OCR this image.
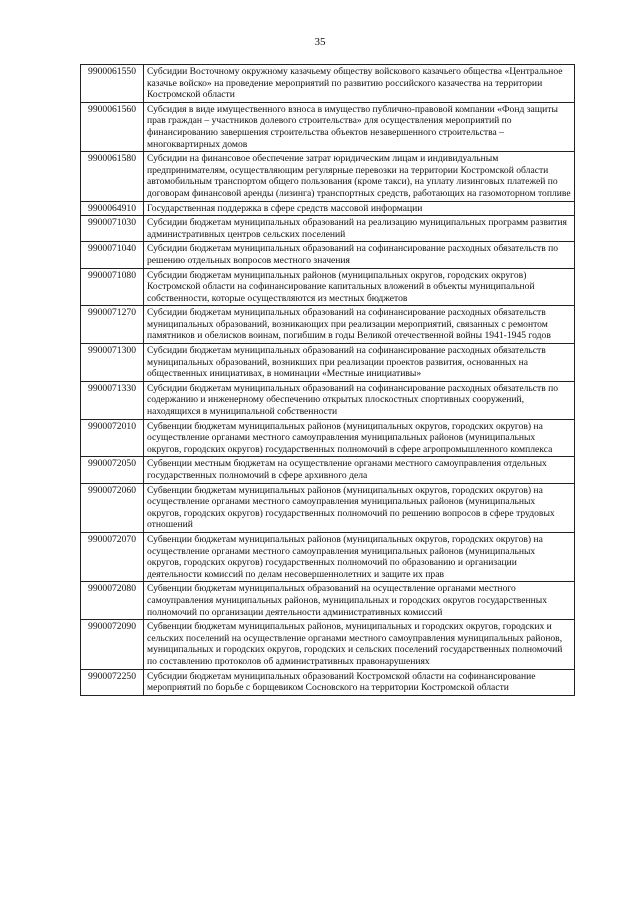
35
9900061550	Субсидии Восточному окружному казачьему обществу войскового казачьего общества «Центральное казачье войско» на проведение мероприятий по развитию российского казачества на территории Костромской области
9900061560	Субсидия в виде имущественного взноса в имущество публично-правовой компании «Фонд защиты прав граждан – участников долевого строительства» для осуществления мероприятий по финансированию завершения строительства объектов незавершенного строительства – многоквартирных домов
9900061580	Субсидии на финансовое обеспечение затрат юридическим лицам и индивидуальным предпринимателям, осуществляющим регулярные перевозки на территории Костромской области автомобильным транспортом общего пользования (кроме такси), на уплату лизинговых платежей по договорам финансовой аренды (лизинга) транспортных средств, работающих на газомоторном топливе
9900064910	Государственная поддержка в сфере средств массовой информации
9900071030	Субсидии бюджетам муниципальных образований на реализацию муниципальных программ развития административных центров сельских поселений
9900071040	Субсидии бюджетам муниципальных образований на софинансирование расходных обязательств по решению отдельных вопросов местного значения
9900071080	Субсидии бюджетам муниципальных районов (муниципальных округов, городских округов) Костромской области на софинансирование капитальных вложений в объекты муниципальной собственности, которые осуществляются из местных бюджетов
9900071270	Субсидии бюджетам муниципальных образований на софинансирование расходных обязательств муниципальных образований, возникающих при реализации мероприятий, связанных с ремонтом памятников и обелисков воинам, погибшим в годы Великой отечественной войны 1941-1945 годов
9900071300	Субсидии бюджетам муниципальных образований на софинансирование расходных обязательств муниципальных образований, возникших при реализации проектов развития, основанных на общественных инициативах, в номинации «Местные инициативы»
9900071330	Субсидии бюджетам муниципальных образований на софинансирование расходных обязательств по содержанию и инженерному обеспечению открытых плоскостных спортивных сооружений, находящихся в муниципальной собственности
9900072010	Субвенции бюджетам муниципальных районов (муниципальных округов, городских округов) на осуществление органами местного самоуправления муниципальных районов (муниципальных округов, городских округов) государственных полномочий в сфере агропромышленного комплекса
9900072050	Субвенции местным бюджетам на осуществление органами местного самоуправления отдельных государственных полномочий в сфере архивного дела
9900072060	Субвенции бюджетам муниципальных районов (муниципальных округов, городских округов) на осуществление органами местного самоуправления муниципальных районов (муниципальных округов, городских округов) государственных полномочий по решению вопросов в сфере трудовых отношений
9900072070	Субвенции бюджетам муниципальных районов (муниципальных округов, городских округов) на осуществление органами местного самоуправления муниципальных районов (муниципальных округов, городских округов) государственных полномочий по образованию и организации деятельности комиссий по делам несовершеннолетних и защите их прав
9900072080	Субвенции бюджетам муниципальных образований на осуществление органами местного самоуправления муниципальных районов, муниципальных и городских округов государственных полномочий по организации деятельности административных комиссий
9900072090	Субвенции бюджетам муниципальных районов, муниципальных и городских округов, городских и сельских поселений на осуществление органами местного самоуправления муниципальных районов, муниципальных и городских округов, городских и сельских поселений государственных полномочий по составлению протоколов об административных правонарушениях
9900072250	Субсидии бюджетам муниципальных образований Костромской области на софинансирование мероприятий по борьбе с борщевиком Сосновского на территории Костромской области
